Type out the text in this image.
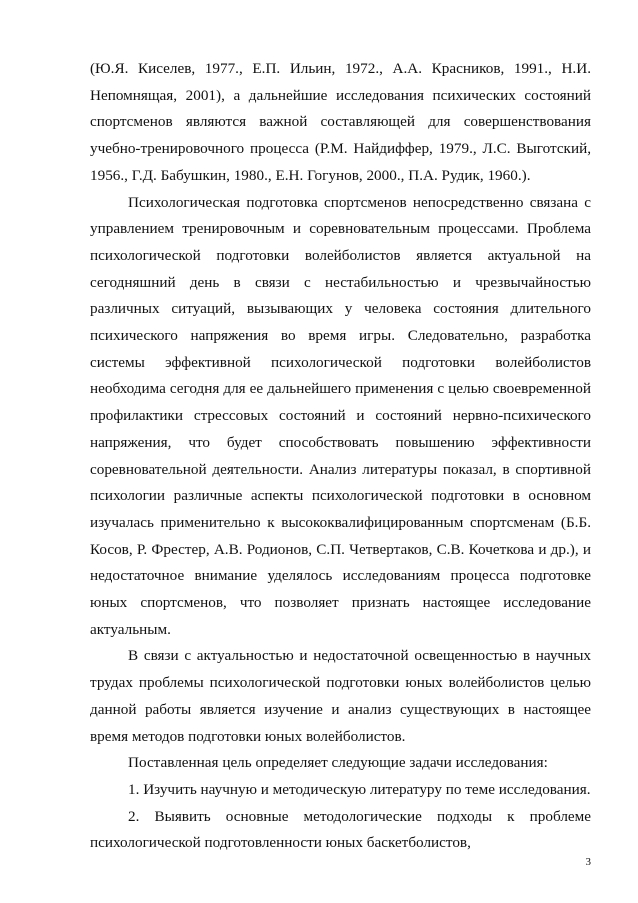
(Ю.Я. Киселев, 1977., Е.П. Ильин, 1972., А.А. Красников, 1991., Н.И. Непомнящая, 2001), а дальнейшие исследования психических состояний спортсменов являются важной составляющей для совершенствования учебно-тренировочного процесса (Р.М. Найдиффер, 1979., Л.С. Выготский, 1956., Г.Д. Бабушкин, 1980., Е.Н. Гогунов, 2000., П.А. Рудик, 1960.).

Психологическая подготовка спортсменов непосредственно связана с управлением тренировочным и соревновательным процессами. Проблема психологической подготовки волейболистов является актуальной на сегодняшний день в связи с нестабильностью и чрезвычайностью различных ситуаций, вызывающих у человека состояния длительного психического напряжения во время игры. Следовательно, разработка системы эффективной психологической подготовки волейболистов необходима сегодня для ее дальнейшего применения с целью своевременной профилактики стрессовых состояний и состояний нервно-психического напряжения, что будет способствовать повышению эффективности соревновательной деятельности. Анализ литературы показал, в спортивной психологии различные аспекты психологической подготовки в основном изучалась применительно к высококвалифицированным спортсменам (Б.Б. Косов, Р. Фрестер, А.В. Родионов, С.П. Четвертаков, С.В. Кочеткова и др.), и недостаточное внимание уделялось исследованиям процесса подготовке юных спортсменов, что позволяет признать настоящее исследование актуальным.

В связи с актуальностью и недостаточной освещенностью в научных трудах проблемы психологической подготовки юных волейболистов целью данной работы является изучение и анализ существующих в настоящее время методов подготовки юных волейболистов.

Поставленная цель определяет следующие задачи исследования:

1. Изучить научную и методическую литературу по теме исследования.

2. Выявить основные методологические подходы к проблеме психологической подготовленности юных баскетболистов,

3
